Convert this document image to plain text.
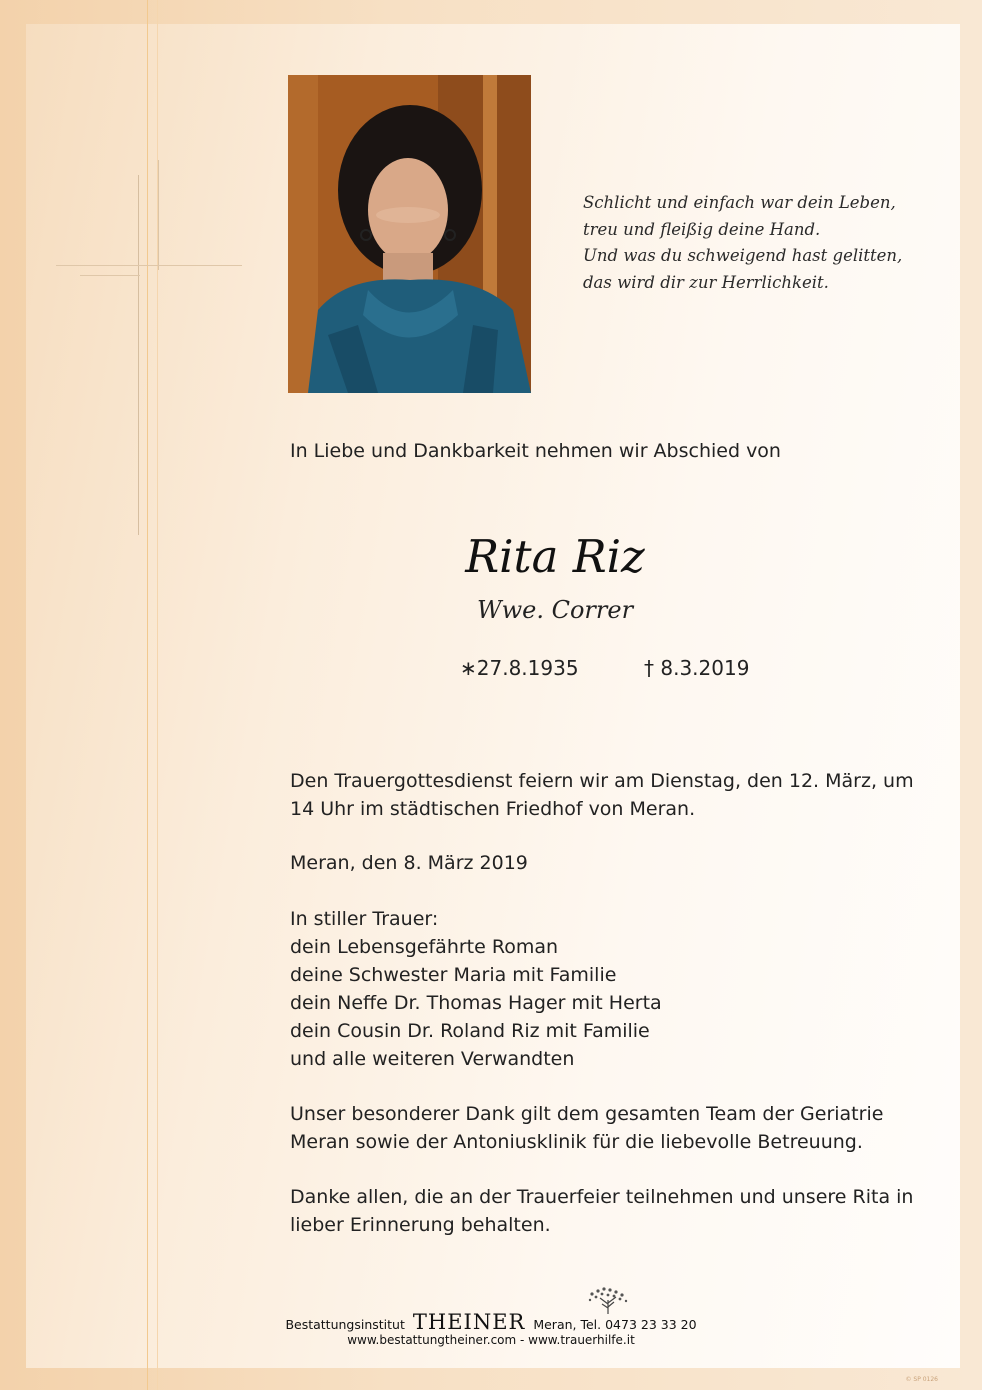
Schlicht und einfach war dein Leben,
treu und fleißig deine Hand.
Und was du schweigend hast gelitten,
das wird dir zur Herrlichkeit.
In Liebe und Dankbarkeit nehmen wir Abschied von
Rita Riz
Wwe. Correr
∗27.8.1935	† 8.3.2019
Den Trauergottesdienst feiern wir am Dienstag, den 12. März, um
14 Uhr im städtischen Friedhof von Meran.
Meran, den 8. März 2019
In stiller Trauer:
dein Lebensgefährte Roman
deine Schwester Maria mit Familie
dein Neffe Dr. Thomas Hager mit Herta
dein Cousin Dr. Roland Riz mit Familie
und alle weiteren Verwandten
Unser besonderer Dank gilt dem gesamten Team der Geriatrie
Meran sowie der Antoniusklinik für die liebevolle Betreuung.
Danke allen, die an der Trauerfeier teilnehmen und unsere Rita in
lieber Erinnerung behalten.
Bestattungsinstitut THEINER Meran, Tel. 0473 23 33 20
www.bestattungtheiner.com - www.trauerhilfe.it
© SP 0126
